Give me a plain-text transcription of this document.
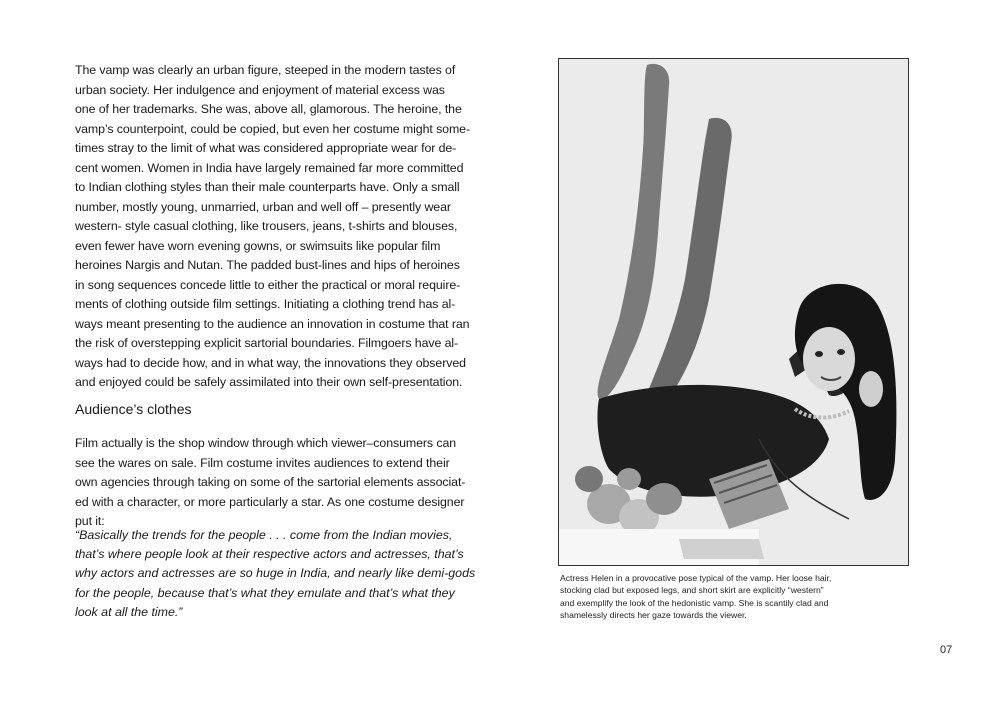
The vamp was clearly an urban figure, steeped in the modern tastes of
urban society. Her indulgence and enjoyment of material excess was
one of her trademarks. She was, above all, glamorous. The heroine, the
vamp’s counterpoint, could be copied, but even her costume might some-
times stray to the limit of what was considered appropriate wear for de-
cent women. Women in India have largely remained far more committed
to Indian clothing styles than their male counterparts have. Only a small
number, mostly young, unmarried, urban and well off – presently wear
western- style casual clothing, like trousers, jeans, t-shirts and blouses,
even fewer have worn evening gowns, or swimsuits like popular film
heroines Nargis and Nutan. The padded bust-lines and hips of heroines
in song sequences concede little to either the practical or moral require-
ments of clothing outside film settings. Initiating a clothing trend has al-
ways meant presenting to the audience an innovation in costume that ran
the risk of overstepping explicit sartorial boundaries. Filmgoers have al-
ways had to decide how, and in what way, the innovations they observed
and enjoyed could be safely assimilated into their own self-presentation.

Audience’s clothes

Film actually is the shop window through which viewer–consumers can
see the wares on sale. Film costume invites audiences to extend their
own agencies through taking on some of the sartorial elements associat-
ed with a character, or more particularly a star. As one costume designer
put it:

“Basically the trends for the people . . . come from the Indian movies,
that’s where people look at their respective actors and actresses, that’s
why actors and actresses are so huge in India, and nearly like demi-gods
for the people, because that’s what they emulate and that’s what they
look at all the time.”

Actress Helen in a provocative pose typical of the vamp. Her loose hair,
stocking clad but exposed legs, and short skirt are explicitly “western”
and exemplify the look of the hedonistic vamp. She is scantily clad and
shamelessly directs her gaze towards the viewer.

07
